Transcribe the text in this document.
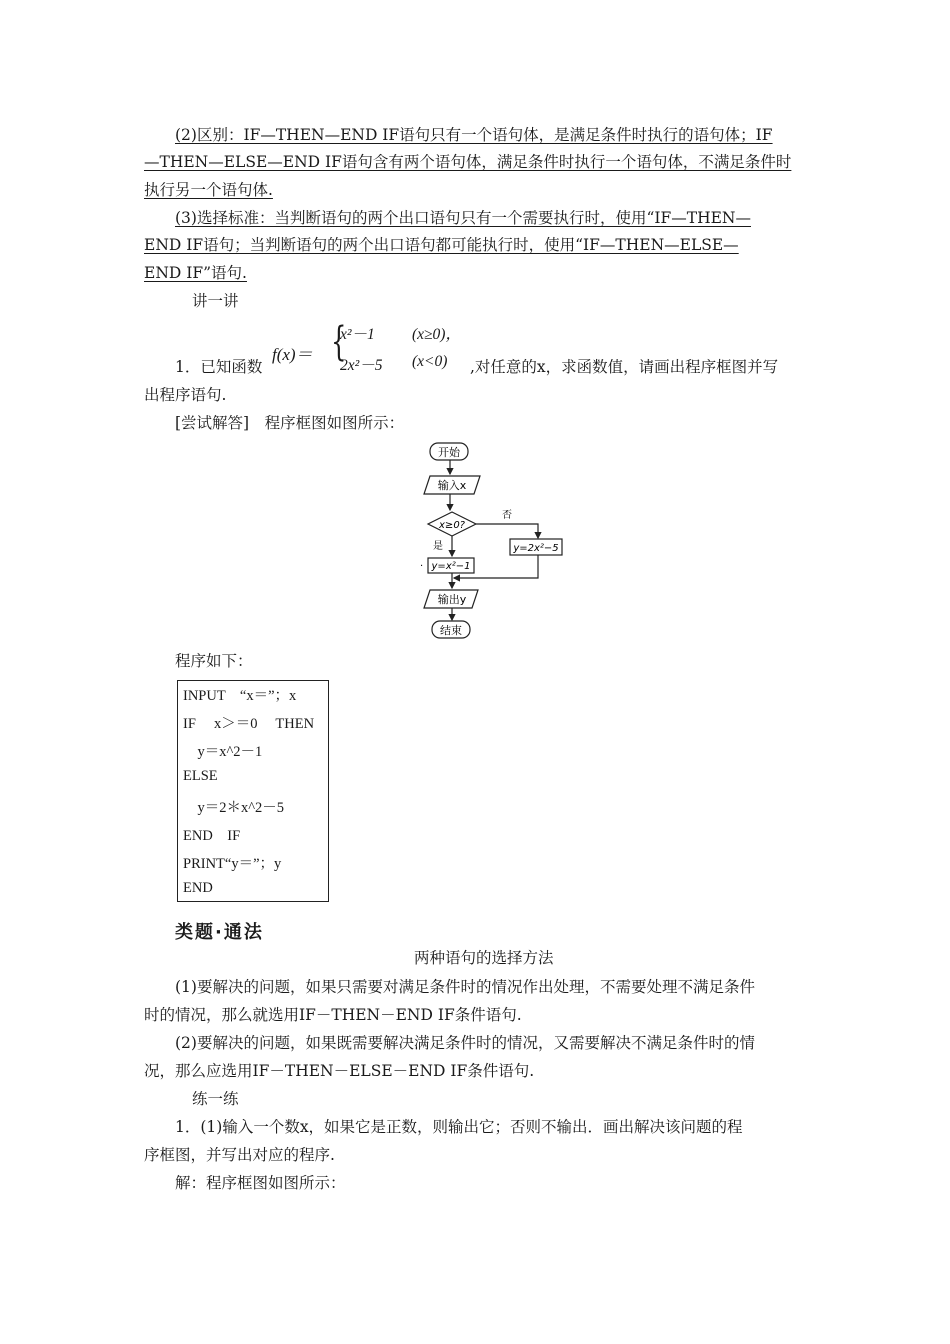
(2)区别：IF—THEN—END IF语句只有一个语句体，是满足条件时执行的语句体；IF
—THEN—ELSE—END IF语句含有两个语句体，满足条件时执行一个语句体，不满足条件时
执行另一个语句体.
(3)选择标准：当判断语句的两个出口语句只有一个需要执行时，使用“IF—THEN—
END IF语句；当判断语句的两个出口语句都可能执行时，使用“IF—THEN—ELSE—
END IF”语句.
讲一讲
1．已知函数
f(x)＝ {
x²－1 (x≥0)，
2x²－5 (x<0) ,对任意的x，求函数值，请画出程序框图并写
出程序语句.
[尝试解答]　程序框图如图所示：
开始
输入x
x≥0?
否
是	y=2x²−5
y=x²−1
输出y
结束
·
程序如下：
INPUT　“x＝”；x
IF　 x＞＝0　 THEN
　y＝x^2－1
ELSE
　y＝2＊x^2－5
END　IF
PRINT“y＝”；y
END
类题·通法
两种语句的选择方法
(1)要解决的问题，如果只需要对满足条件时的情况作出处理，不需要处理不满足条件
时的情况，那么就选用IF－THEN－END IF条件语句.
(2)要解决的问题，如果既需要解决满足条件时的情况，又需要解决不满足条件时的情
况，那么应选用IF－THEN－ELSE－END IF条件语句.
练一练
1．(1)输入一个数x，如果它是正数，则输出它；否则不输出．画出解决该问题的程
序框图，并写出对应的程序.
解：程序框图如图所示：
